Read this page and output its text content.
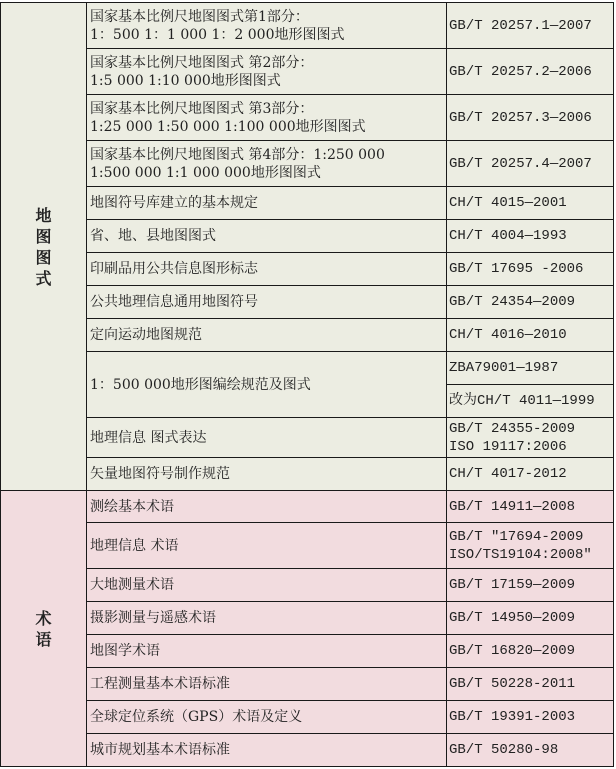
地图图式	国家基本比例尺地图图式第1部分：
1：500 1：1 000 1：2 000地形图图式	GB/T 20257.1—2007
	国家基本比例尺地图图式 第2部分：
1:5 000 1:10 000地形图图式	GB/T 20257.2—2006
	国家基本比例尺地图图式 第3部分：
1:25 000 1:50 000 1:100 000地形图图式	GB/T 20257.3—2006
	国家基本比例尺地图图式 第4部分：1:250 000
1:500 000 1:1 000 000地形图图式	GB/T 20257.4—2007
	地图符号库建立的基本规定	CH/T 4015—2001
	省、地、县地图图式	CH/T 4004—1993
	印刷品用公共信息图形标志	GB/T 17695 -2006
	公共地理信息通用地图符号	GB/T 24354—2009
	定向运动地图规范	CH/T 4016—2010
	1：500 000地形图编绘规范及图式	ZBA79001—1987
		改为CH/T 4011—1999
	地理信息 图式表达	GB/T 24355-2009
ISO 19117:2006
	矢量地图符号制作规范	CH/T 4017-2012
术语	测绘基本术语	GB/T 14911—2008
	地理信息 术语	GB/T "17694-2009
ISO/TS19104:2008"
	大地测量术语	GB/T 17159—2009
	摄影测量与遥感术语	GB/T 14950—2009
	地图学术语	GB/T 16820—2009
	工程测量基本术语标准	GB/T 50228-2011
	全球定位系统（GPS）术语及定义	GB/T 19391-2003
	城市规划基本术语标准	GB/T 50280-98
